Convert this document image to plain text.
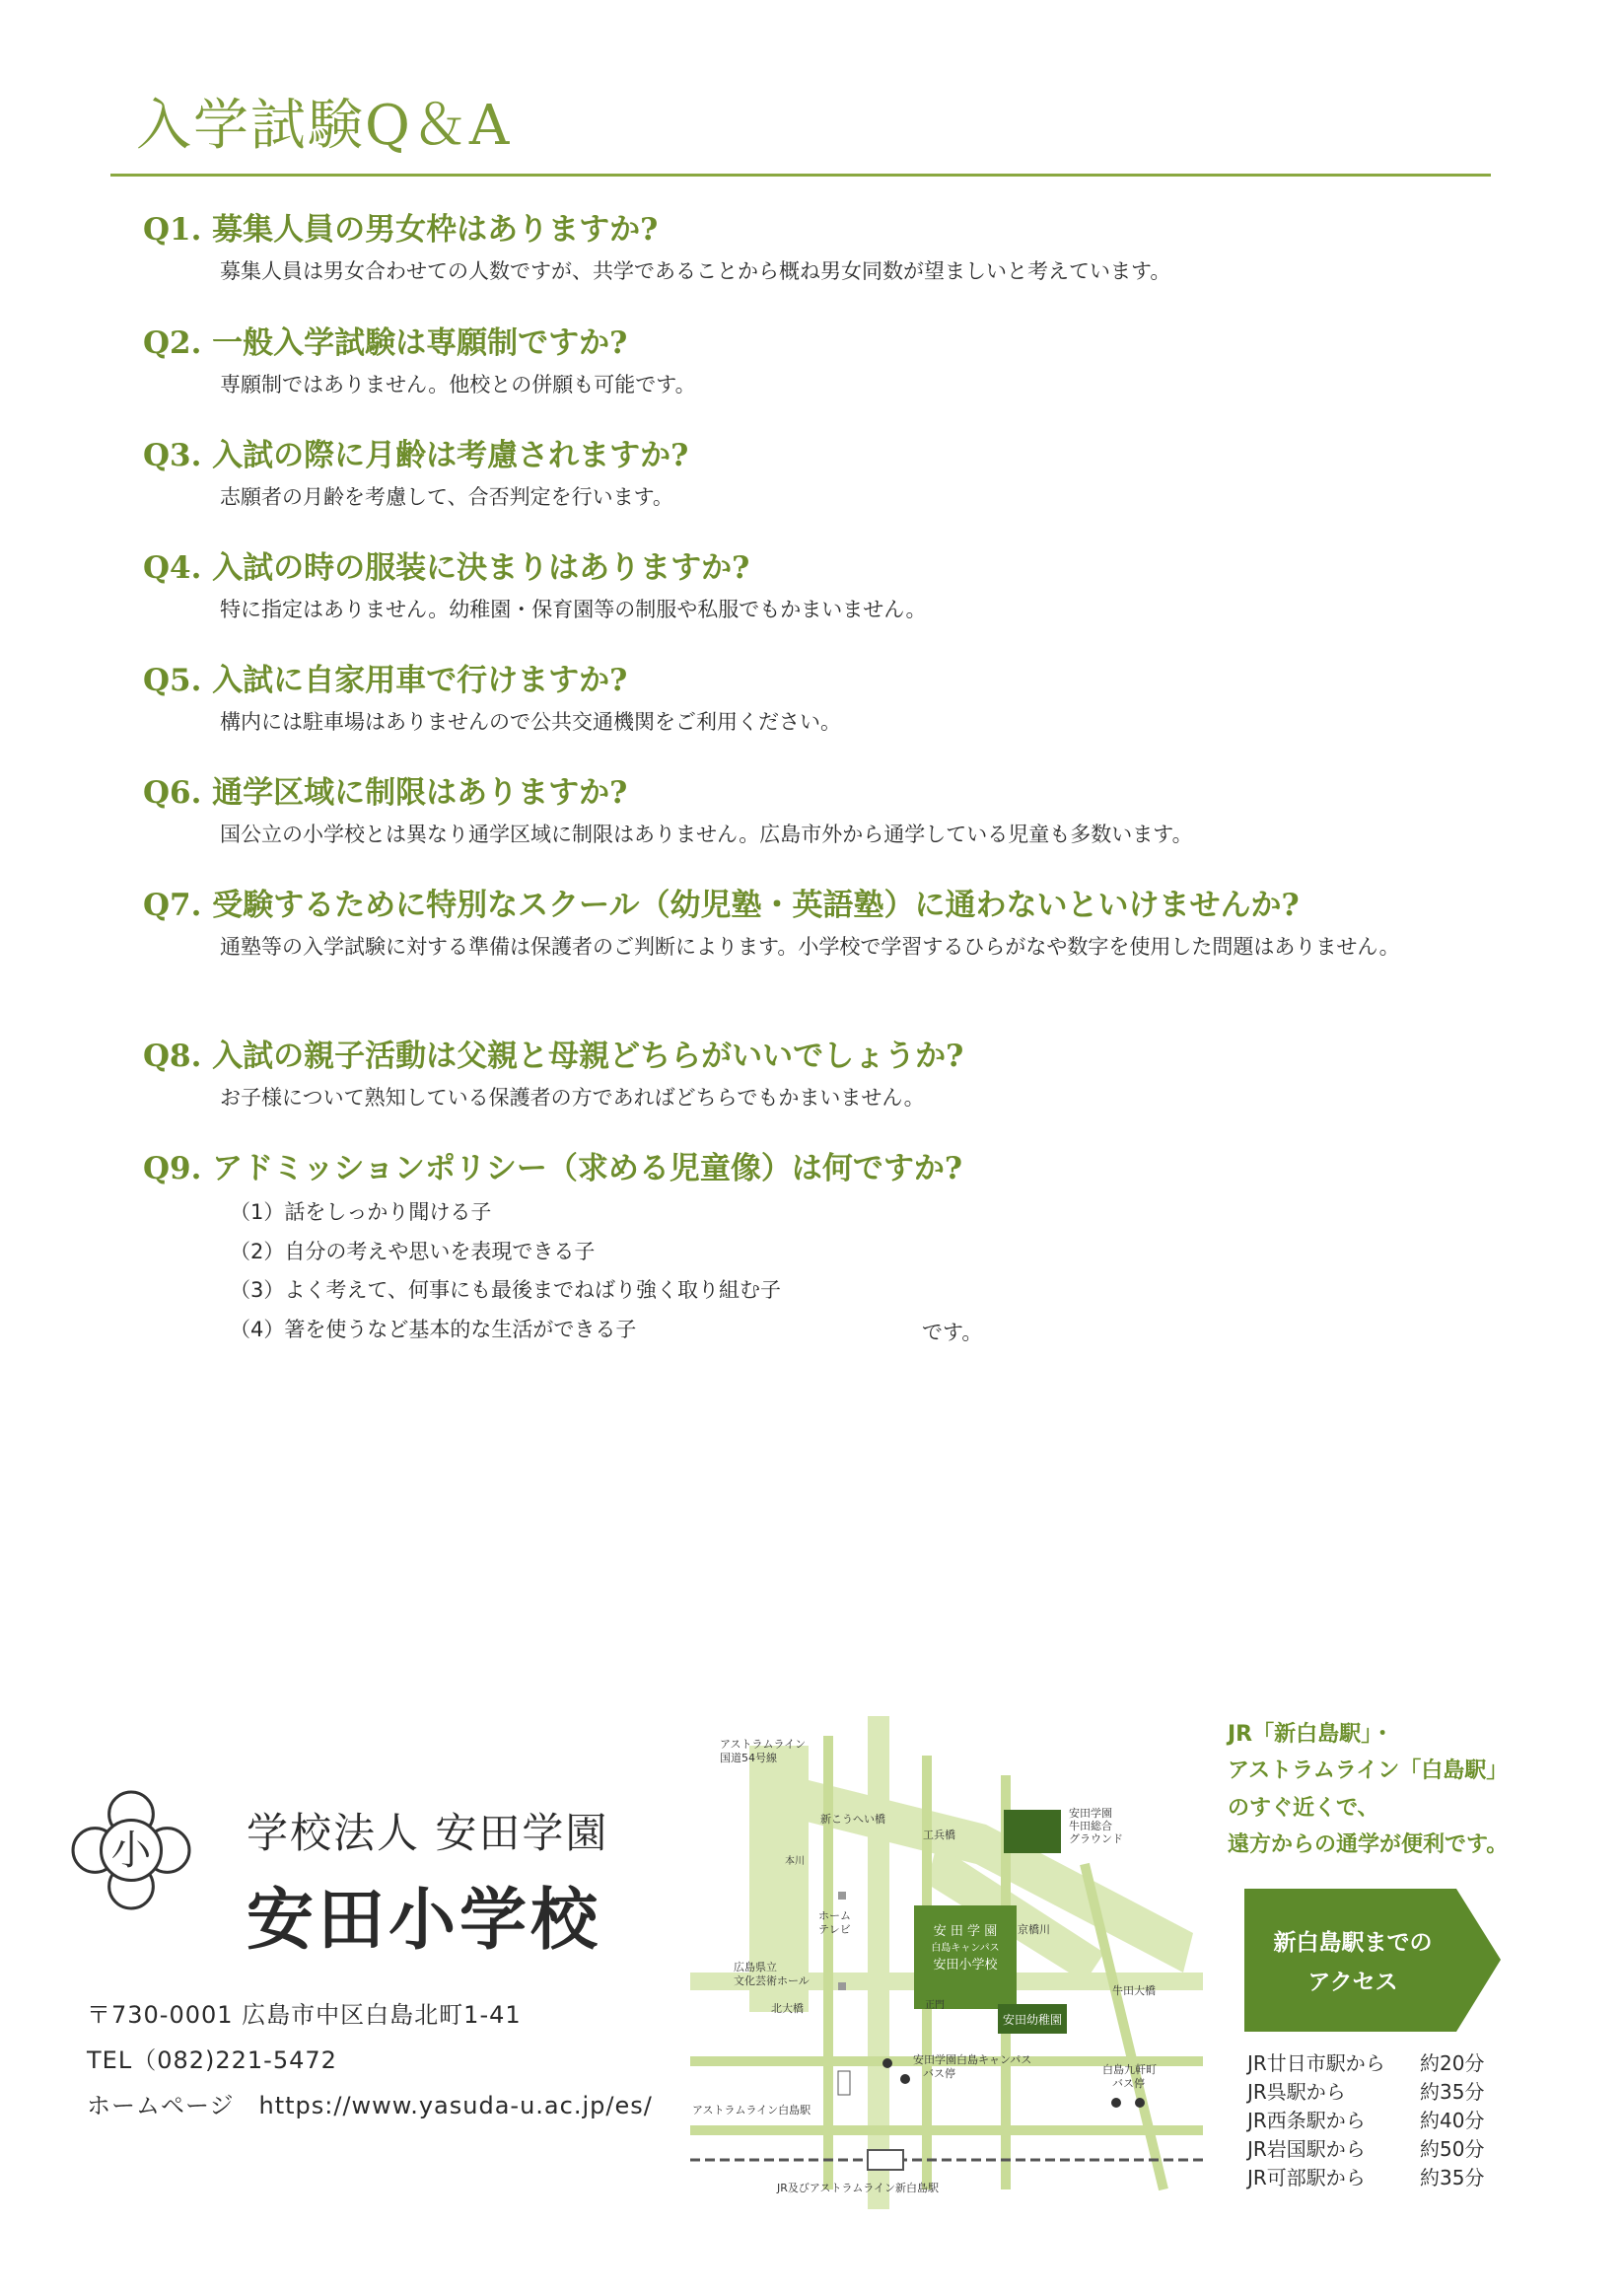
入学試験Q＆A

Q1. 募集人員の男女枠はありますか?

募集人員は男女合わせての人数ですが、共学であることから概ね男女同数が望ましいと考えています。

Q2. 一般入学試験は専願制ですか?

専願制ではありません。他校との併願も可能です。

Q3. 入試の際に月齢は考慮されますか?

志願者の月齢を考慮して、合否判定を行います。

Q4. 入試の時の服装に決まりはありますか?

特に指定はありません。幼稚園・保育園等の制服や私服でもかまいません。

Q5. 入試に自家用車で行けますか?

構内には駐車場はありませんので公共交通機関をご利用ください。

Q6. 通学区域に制限はありますか?

国公立の小学校とは異なり通学区域に制限はありません。広島市外から通学している児童も多数います。

Q7. 受験するために特別なスクール（幼児塾・英語塾）に通わないといけませんか?

通塾等の入学試験に対する準備は保護者のご判断によります。小学校で学習するひらがなや数字を使用した問題はありません。

Q8. 入試の親子活動は父親と母親どちらがいいでしょうか?

お子様について熟知している保護者の方であればどちらでもかまいません。

Q9. アドミッションポリシー（求める児童像）は何ですか?

（1）話をしっかり聞ける子
（2）自分の考えや思いを表現できる子
（3）よく考えて、何事にも最後までねばり強く取り組む子
（4）箸を使うなど基本的な生活ができる子	です。
小 学校法人 安田学園
安田小学校
〒730-0001 広島市中区白島北町1-41
TEL（082)221-5472
ホームページ　https://www.yasuda-u.ac.jp/es/
アストラムライン
国道54号線
新こうへい橋
工兵橋
本川
ホーム
テレビ	京橋川
安田学園
牛田総合
グラウンド
広島県立
文化芸術ホール
北大橋	正門
牛田大橋
安田学園白島キャンパス
バス停	白島九軒町
バス停
アストラムライン白島駅
JR及びアストラムライン新白島駅
安 田 学 園
白島キャンパス
安田小学校
安田幼稚園
JR「新白島駅」・
アストラムライン「白島駅」
のすぐ近くで、
遠方からの通学が便利です。
新白島駅までの
アクセス
JR廿日市駅から	約20分
JR呉駅から	約35分
JR西条駅から	約40分
JR岩国駅から	約50分
JR可部駅から	約35分
